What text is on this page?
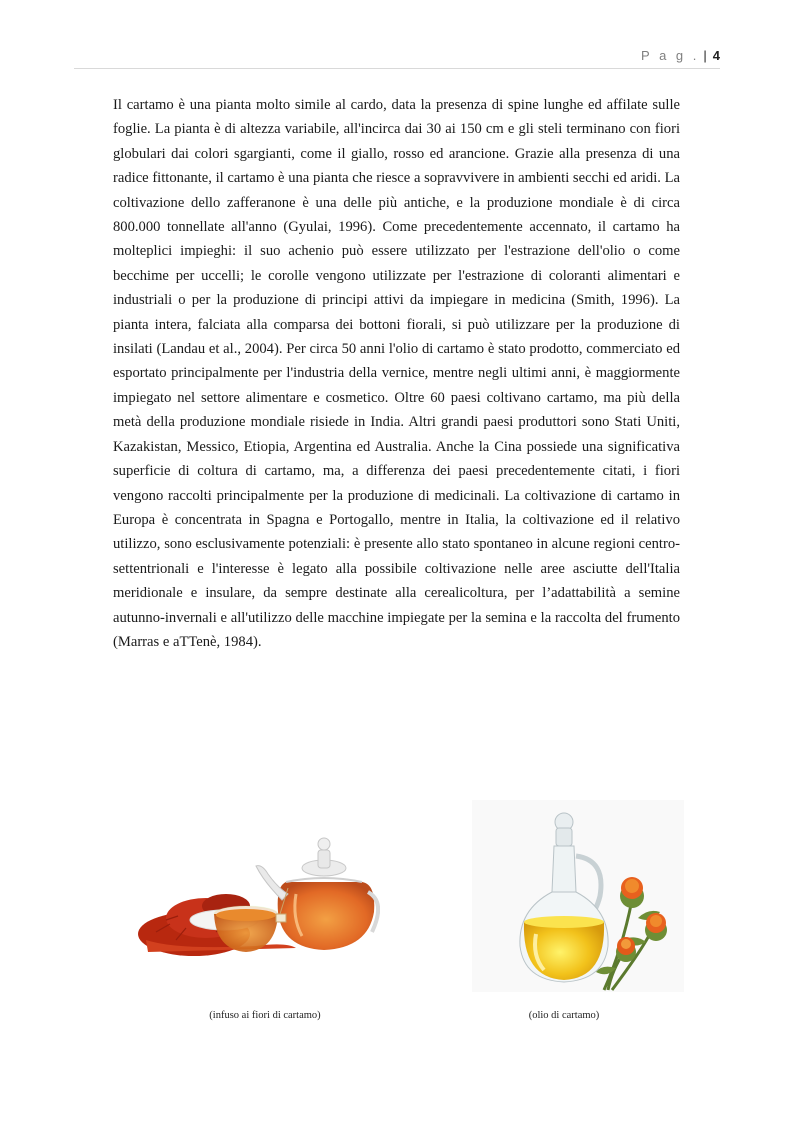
P a g . | 4

Il cartamo è una pianta molto simile al cardo, data la presenza di spine lunghe ed affilate sulle foglie. La pianta è di altezza variabile, all'incirca dai 30 ai 150 cm e gli steli terminano con fiori globulari dai colori sgargianti, come il giallo, rosso ed arancione. Grazie alla presenza di una radice fittonante, il cartamo è una pianta che riesce a sopravvivere in ambienti secchi ed aridi. La coltivazione dello zafferanone è una delle più antiche, e la produzione mondiale è di circa 800.000 tonnellate all'anno (Gyulai, 1996). Come precedentemente accennato, il cartamo ha molteplici impieghi: il suo achenio può essere utilizzato per l'estrazione dell'olio o come becchime per uccelli; le corolle vengono utilizzate per l'estrazione di coloranti alimentari e industriali o per la produzione di principi attivi da impiegare in medicina (Smith, 1996). La pianta intera, falciata alla comparsa dei bottoni fiorali, si può utilizzare per la produzione di insilati (Landau et al., 2004). Per circa 50 anni l'olio di cartamo è stato prodotto, commerciato ed esportato principalmente per l'industria della vernice, mentre negli ultimi anni, è maggiormente impiegato nel settore alimentare e cosmetico. Oltre 60 paesi coltivano cartamo, ma più della metà della produzione mondiale risiede in India. Altri grandi paesi produttori sono Stati Uniti, Kazakistan, Messico, Etiopia, Argentina ed Australia. Anche la Cina possiede una significativa superficie di coltura di cartamo, ma, a differenza dei paesi precedentemente citati, i fiori vengono raccolti principalmente per la produzione di medicinali. La coltivazione di cartamo in Europa è concentrata in Spagna e Portogallo, mentre in Italia, la coltivazione ed il relativo utilizzo, sono esclusivamente potenziali: è presente allo stato spontaneo in alcune regioni centro-settentrionali e l'interesse è legato alla possibile coltivazione nelle aree asciutte dell'Italia meridionale e insulare, da sempre destinate alla cerealicoltura, per l’adattabilità a semine autunno-invernali e all'utilizzo delle macchine impiegate per la semina e la raccolta del frumento (Marras e aTTenè, 1984).

(infuso ai fiori di cartamo)	(olio di cartamo)
